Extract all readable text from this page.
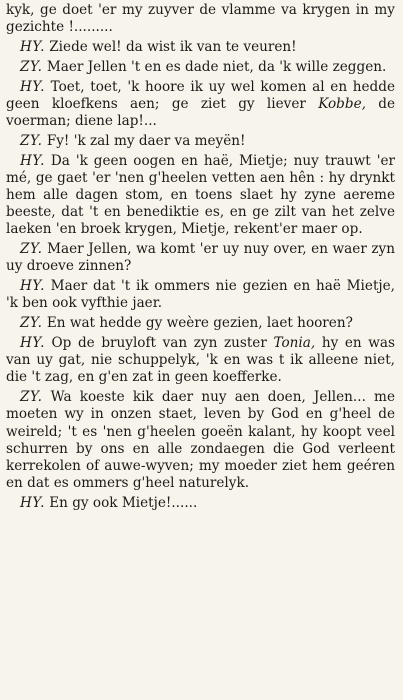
kyk, ge doet 'er my zuyver de vlamme va krygen in my gezichte !.........

HY. Ziede wel! da wist ik van te veuren!

ZY. Maer Jellen 't en es dade niet, da 'k wille zeggen.

HY. Toet, toet, 'k hoore ik uy wel komen al en hedde geen kloefkens aen; ge ziet gy liever Kobbe, de voerman; diene lap!...

ZY. Fy! 'k zal my daer va meyën!

HY. Da 'k geen oogen en haë, Mietje; nuy trauwt 'er mé, ge gaet 'er 'nen g'heelen vetten aen hên : hy drynkt hem alle dagen stom, en toens slaet hy zyne aereme beeste, dat 't en benediktie es, en ge zilt van het zelve laeken 'en broek krygen, Mietje, rekent'er maer op.

ZY. Maer Jellen, wa komt 'er uy nuy over, en waer zyn uy droeve zinnen?

HY. Maer dat 't ik ommers nie gezien en haë Mietje, 'k ben ook vyfthie jaer.

ZY. En wat hedde gy weère gezien, laet hooren?

HY. Op de bruyloft van zyn zuster Tonia, hy en was van uy gat, nie schuppelyk, 'k en was t ik alleene niet, die 't zag, en g'en zat in geen koefferke.

ZY. Wa koeste kik daer nuy aen doen, Jellen... me moeten wy in onzen staet, leven by God en g'heel de weireld; 't es 'nen g'heelen goeën kalant, hy koopt veel schurren by ons en alle zondaegen die God verleent kerrekolen of auwe-wyven; my moeder ziet hem geéren en dat es ommers g'heel naturelyk.

HY. En gy ook Mietje!......
